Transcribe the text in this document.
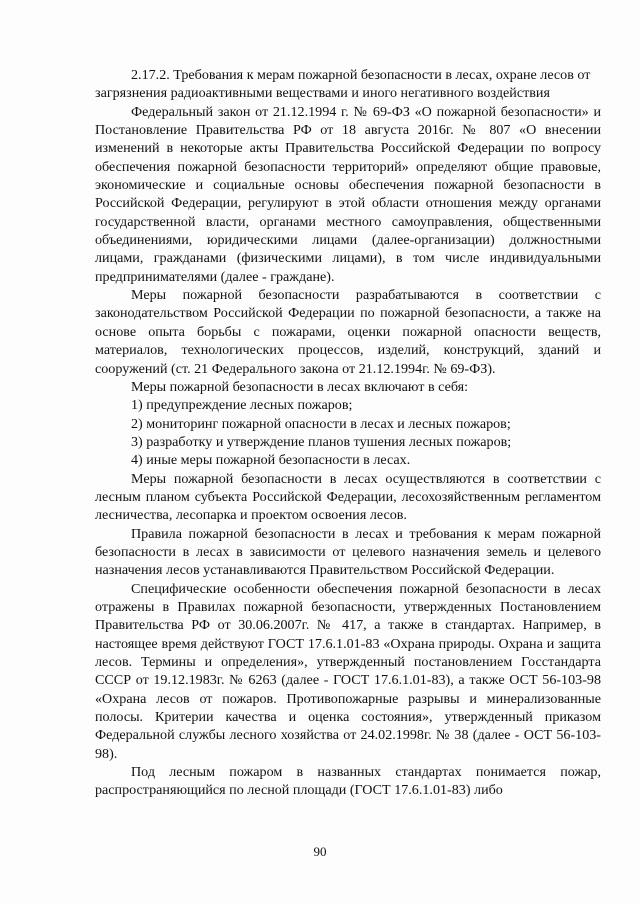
2.17.2. Требования к мерам пожарной безопасности в лесах, охране лесов от загрязнения радиоактивными веществами и иного негативного воздействия

Федеральный закон от 21.12.1994 г. № 69-ФЗ «О пожарной безопасности» и Постановление Правительства РФ от 18 августа 2016г. № 807 «О внесении изменений в некоторые акты Правительства Российской Федерации по вопросу обеспечения пожарной безопасности территорий» определяют общие правовые, экономические и социальные основы обеспечения пожарной безопасности в Российской Федерации, регулируют в этой области отношения между органами государственной власти, органами местного самоуправления, общественными объединениями, юридическими лицами (далее-организации) должностными лицами, гражданами (физическими лицами), в том числе индивидуальными предпринимателями (далее - граждане).

Меры пожарной безопасности разрабатываются в соответствии с законодательством Российской Федерации по пожарной безопасности, а также на основе опыта борьбы с пожарами, оценки пожарной опасности веществ, материалов, технологических процессов, изделий, конструкций, зданий и сооружений (ст. 21 Федерального закона от 21.12.1994г. № 69-ФЗ).

Меры пожарной безопасности в лесах включают в себя:

1) предупреждение лесных пожаров;

2) мониторинг пожарной опасности в лесах и лесных пожаров;

3) разработку и утверждение планов тушения лесных пожаров;

4) иные меры пожарной безопасности в лесах.

Меры пожарной безопасности в лесах осуществляются в соответствии с лесным планом субъекта Российской Федерации, лесохозяйственным регламентом лесничества, лесопарка и проектом освоения лесов.

Правила пожарной безопасности в лесах и требования к мерам пожарной безопасности в лесах в зависимости от целевого назначения земель и целевого назначения лесов устанавливаются Правительством Российской Федерации.

Специфические особенности обеспечения пожарной безопасности в лесах отражены в Правилах пожарной безопасности, утвержденных Постановлением Правительства РФ от 30.06.2007г. № 417, а также в стандартах. Например, в настоящее время действуют ГОСТ 17.6.1.01-83 «Охрана природы. Охрана и защита лесов. Термины и определения», утвержденный постановлением Госстандарта СССР от 19.12.1983г. № 6263 (далее - ГОСТ 17.6.1.01-83), а также ОСТ 56-103-98 «Охрана лесов от пожаров. Противопожарные разрывы и минерализованные полосы. Критерии качества и оценка состояния», утвержденный приказом Федеральной службы лесного хозяйства от 24.02.1998г. № 38 (далее - ОСТ 56-103-98).

Под лесным пожаром в названных стандартах понимается пожар, распространяющийся по лесной площади (ГОСТ 17.6.1.01-83) либо

90
